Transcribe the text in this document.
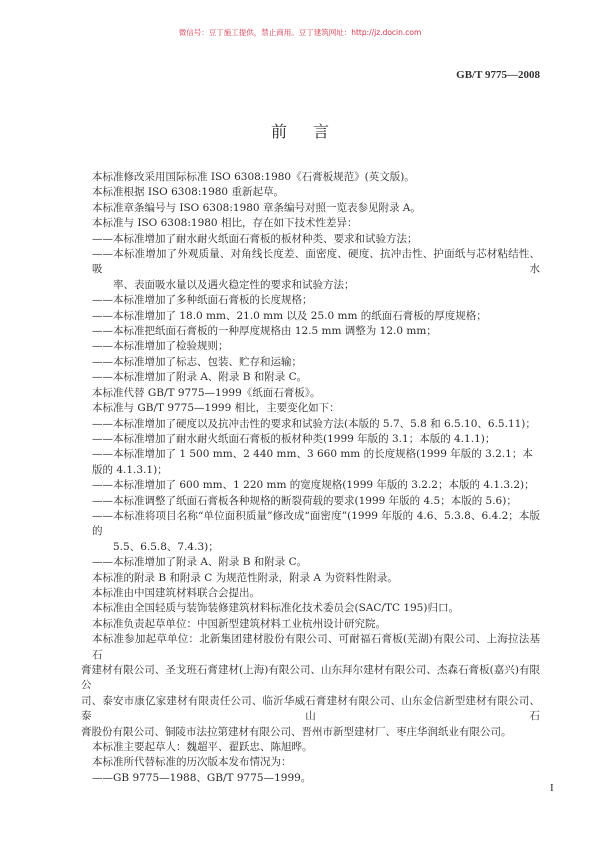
微信号：豆丁施工提供，禁止商用。豆丁建筑网址：http://jz.docin.com
GB/T 9775—2008
前 言
本标准修改采用国际标准 ISO 6308:1980《石膏板规范》(英文版)。
本标准根据 ISO 6308:1980 重新起草。
本标准章条编号与 ISO 6308:1980 章条编号对照一览表参见附录 A。
本标准与 ISO 6308:1980 相比，存在如下技术性差异：
——本标准增加了耐水耐火纸面石膏板的板材种类、要求和试验方法；
——本标准增加了外观质量、对角线长度差、面密度、硬度、抗冲击性、护面纸与芯材粘结性、吸水
率、表面吸水量以及遇火稳定性的要求和试验方法；
——本标准增加了多种纸面石膏板的长度规格；
——本标准增加了 18.0 mm、21.0 mm 以及 25.0 mm 的纸面石膏板的厚度规格；
——本标准把纸面石膏板的一种厚度规格由 12.5 mm 调整为 12.0 mm；
——本标准增加了检验规则；
——本标准增加了标志、包装、贮存和运输；
——本标准增加了附录 A、附录 B 和附录 C。
本标准代替 GB/T 9775—1999《纸面石膏板》。
本标准与 GB/T 9775—1999 相比，主要变化如下：
——本标准增加了硬度以及抗冲击性的要求和试验方法(本版的 5.7、5.8 和 6.5.10、6.5.11)；
——本标准增加了耐水耐火纸面石膏板的板材种类(1999 年版的 3.1；本版的 4.1.1)；
——本标准增加了 1 500 mm、2 440 mm、3 660 mm 的长度规格(1999 年版的 3.2.1；本版的 4.1.3.1)；
——本标准增加了 600 mm、1 220 mm 的宽度规格(1999 年版的 3.2.2；本版的 4.1.3.2)；
——本标准调整了纸面石膏板各种规格的断裂荷载的要求(1999 年版的 4.5；本版的 5.6)；
——本标准将项目名称“单位面积质量”修改成“面密度”(1999 年版的 4.6、5.3.8、6.4.2；本版的
5.5、6.5.8、7.4.3)；
——本标准增加了附录 A、附录 B 和附录 C。
本标准的附录 B 和附录 C 为规范性附录，附录 A 为资料性附录。
本标准由中国建筑材料联合会提出。
本标准由全国轻质与装饰装修建筑材料标准化技术委员会(SAC/TC 195)归口。
本标准负责起草单位：中国新型建筑材料工业杭州设计研究院。
本标准参加起草单位：北新集团建材股份有限公司、可耐福石膏板(芜湖)有限公司、上海拉法基石
膏建材有限公司、圣戈班石膏建材(上海)有限公司、山东拜尔建材有限公司、杰森石膏板(嘉兴)有限公
司、泰安市康亿家建材有限责任公司、临沂华威石膏建材有限公司、山东金信新型建材有限公司、泰山石
膏股份有限公司、铜陵市法拉第建材有限公司、晋州市新型建材厂、枣庄华润纸业有限公司。
本标准主要起草人：魏超平、翟跃忠、陈旭晔。
本标准所代替标准的历次版本发布情况为：
——GB 9775—1988、GB/T 9775—1999。
I
